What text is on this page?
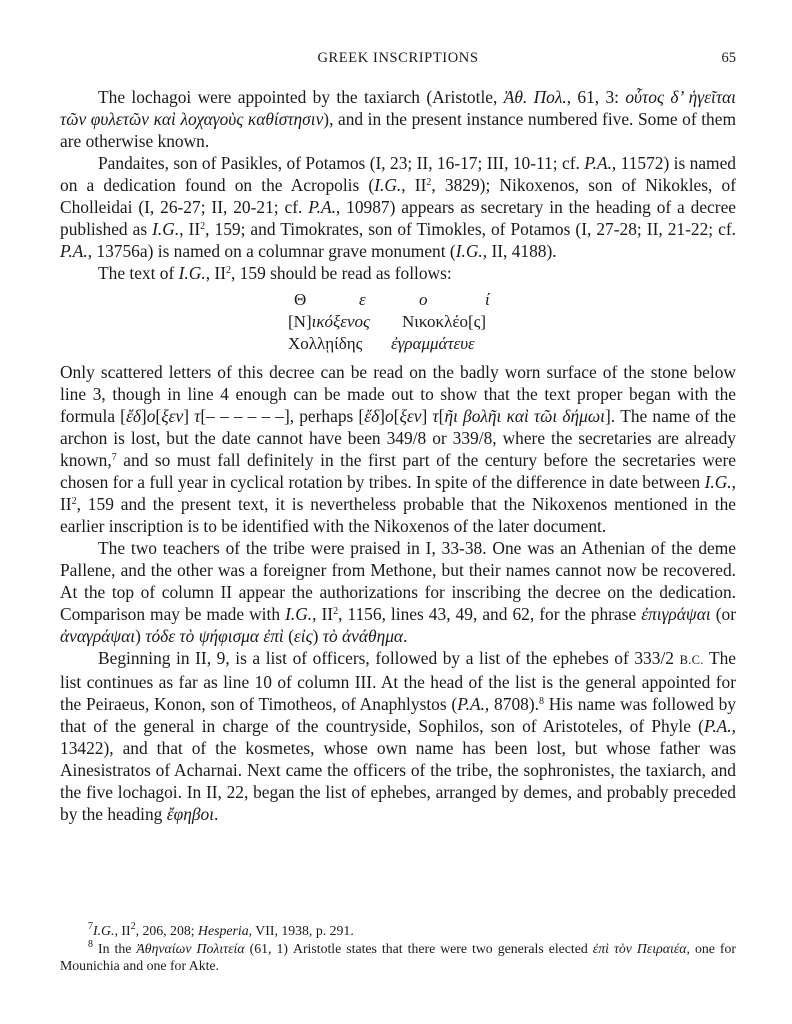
GREEK INSCRIPTIONS	65

The lochagoi were appointed by the taxiarch (Aristotle, Ἀθ. Πολ., 61, 3: οὗτος δ’ ἡγεῖται τῶν φυλετῶν καὶ λοχαγοὺς καθίστησιν), and in the present instance numbered five. Some of them are otherwise known.

Pandaites, son of Pasikles, of Potamos (I, 23; II, 16-17; III, 10-11; cf. P.A., 11572) is named on a dedication found on the Acropolis (I.G., $II^2$, 3829); Nikoxenos, son of Nikokles, of Cholleidai (I, 26-27; II, 20-21; cf. P.A., 10987) appears as secretary in the heading of a decree published as I.G., $II^2$, 159; and Timokrates, son of Timokles, of Potamos (I, 27-28; II, 21-22; cf. P.A., 13756a) is named on a columnar grave monument (I.G., II, 4188).

The text of I.G., $II^2$, 159 should be read as follows:

Θ	ε	ο	ί
[N]ικόξενος Νικοκλέο[ς]
Χολλῃίδης ἐγραμμάτευε

Only scattered letters of this decree can be read on the badly worn surface of the stone below line 3, though in line 4 enough can be made out to show that the text proper began with the formula [ἔδ]ο[ξεν] τ[– – – – – –], perhaps [ἔδ]ο[ξεν] τ[ῆι βολῆι καὶ τῶι δήμωι]. The name of the archon is lost, but the date cannot have been 349/8 or 339/8, where the secretaries are already known,$^7$ and so must fall definitely in the first part of the century before the secretaries were chosen for a full year in cyclical rotation by tribes. In spite of the difference in date between I.G., $II^2$, 159 and the present text, it is nevertheless probable that the Nikoxenos mentioned in the earlier inscription is to be identified with the Nikoxenos of the later document.

The two teachers of the tribe were praised in I, 33-38. One was an Athenian of the deme Pallene, and the other was a foreigner from Methone, but their names cannot now be recovered. At the top of column II appear the authorizations for inscribing the decree on the dedication. Comparison may be made with I.G., $II^2$, 1156, lines 43, 49, and 62, for the phrase ἐπιγράψαι (or ἀναγράψαι) τόδε τὸ ψήφισμα ἐπὶ (εἰς) τὸ ἀνάθημα.

Beginning in II, 9, is a list of officers, followed by a list of the ephebes of 333/2 B.C. The list continues as far as line 10 of column III. At the head of the list is the general appointed for the Peiraeus, Konon, son of Timotheos, of Anaphlystos (P.A., 8708).$^8$ His name was followed by that of the general in charge of the countryside, Sophilos, son of Aristoteles, of Phyle (P.A., 13422), and that of the kosmetes, whose own name has been lost, but whose father was Ainesistratos of Acharnai. Next came the officers of the tribe, the sophronistes, the taxiarch, and the five lochagoi. In II, 22, began the list of ephebes, arranged by demes, and probably preceded by the heading ἔφηβοι.

$^7$I.G., $II^2$, 206, 208; Hesperia, VII, 1938, p. 291.

$^8$ In the Ἀθηναίων Πολιτεία (61, 1) Aristotle states that there were two generals elected ἐπὶ τὸν Πειραιέα, one for Mounichia and one for Akte.
